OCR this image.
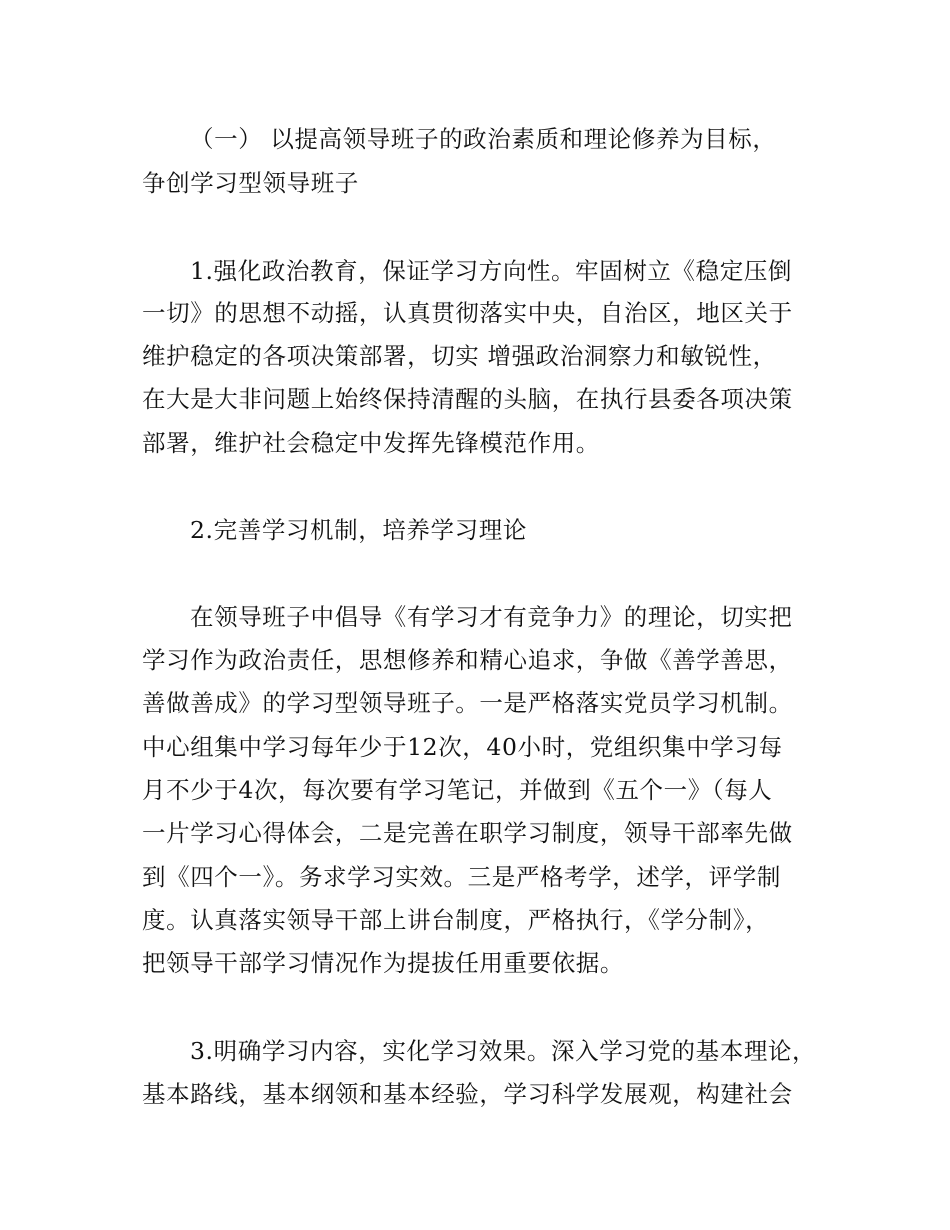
（一） 以提高领导班子的政治素质和理论修养为目标，
争创学习型领导班子
1.强化政治教育，保证学习方向性。牢固树立《稳定压倒
一切》的思想不动摇，认真贯彻落实中央，自治区，地区关于
维护稳定的各项决策部署，切实 增强政治洞察力和敏锐性，
在大是大非问题上始终保持清醒的头脑，在执行县委各项决策
部署，维护社会稳定中发挥先锋模范作用。
2.完善学习机制，培养学习理论
在领导班子中倡导《有学习才有竞争力》的理论，切实把
学习作为政治责任，思想修养和精心追求，争做《善学善思，
善做善成》的学习型领导班子。一是严格落实党员学习机制。
中心组集中学习每年少于12次，40小时，党组织集中学习每
月不少于4次，每次要有学习笔记，并做到《五个一》（每人
一片学习心得体会，二是完善在职学习制度，领导干部率先做
到《四个一》。务求学习实效。三是严格考学，述学，评学制
度。认真落实领导干部上讲台制度，严格执行，《学分制》，
把领导干部学习情况作为提拔任用重要依据。
3.明确学习内容，实化学习效果。深入学习党的基本理论，
基本路线，基本纲领和基本经验，学习科学发展观，构建社会
